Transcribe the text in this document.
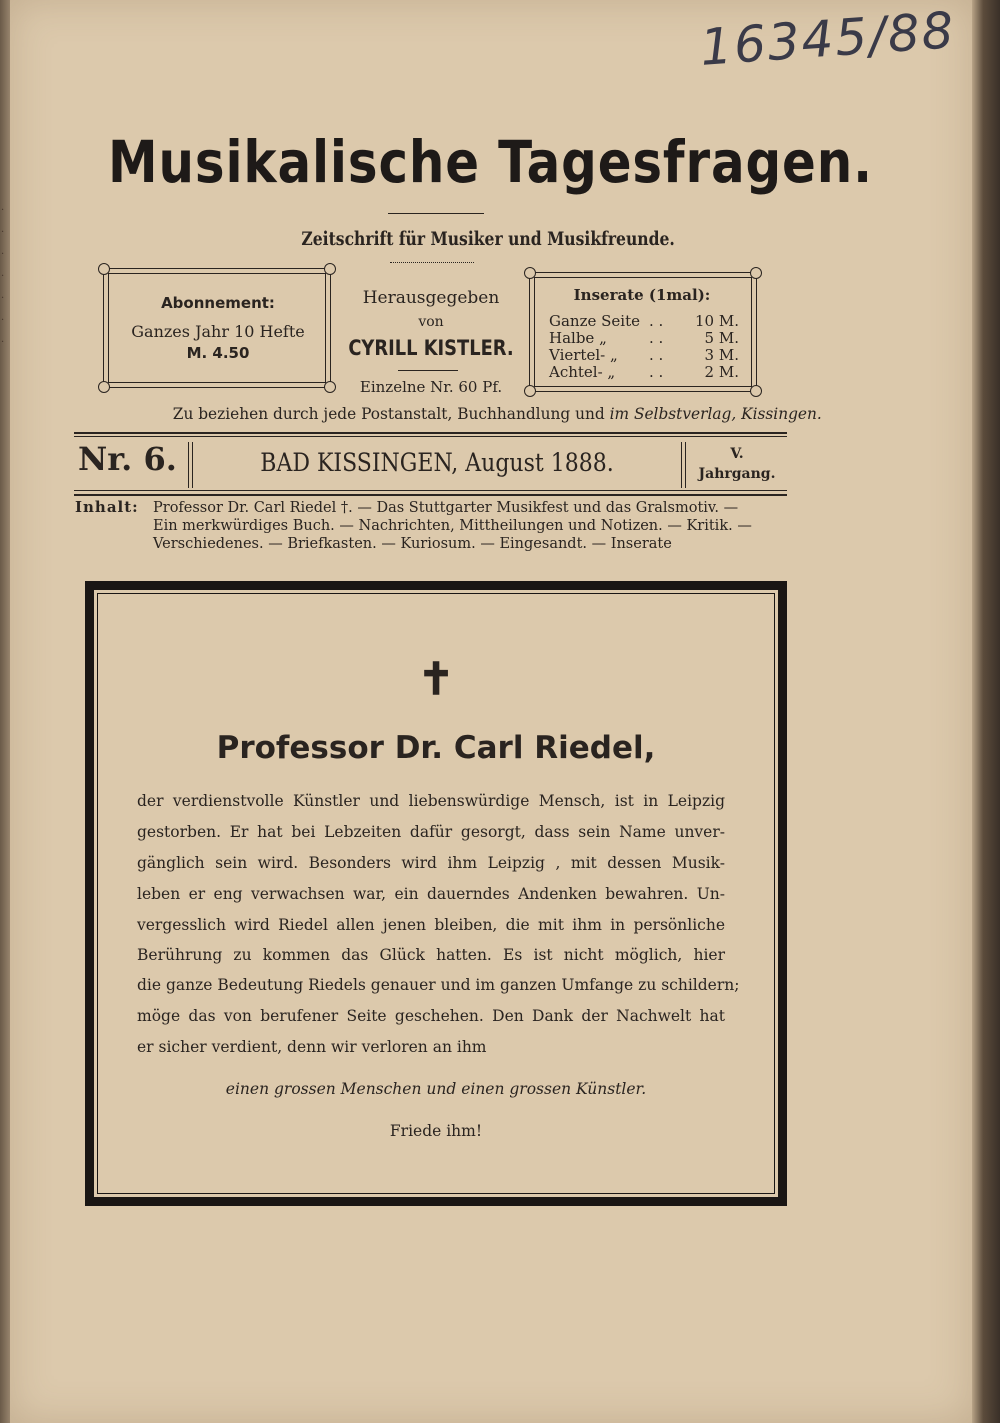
·
·
·
·
·
·
·
16345/88
Musikalische Tagesfragen.
Zeitschrift für Musiker und Musikfreunde.
Abonnement:
Ganzes Jahr 10 Hefte
M. 4.50
Herausgegeben
von
CYRILL KISTLER.
Einzelne Nr. 60 Pf.
Inserate (1mal):
Ganze Seite . . 10 M.
Halbe „	. .	5 M.
Viertel- „ . .	3 M.
Achtel- „ . .	2 M.
Zu beziehen durch jede Postanstalt, Buchhandlung und im Selbstverlag, Kissingen.
Nr. 6.	BAD KISSINGEN, August 1888.	V.
Jahrgang.
Inhalt: Professor Dr. Carl Riedel †. — Das Stuttgarter Musikfest und das Gralsmotiv. —
Ein merkwürdiges Buch. — Nachrichten, Mittheilungen und Notizen. — Kritik. —
Verschiedenes. — Briefkasten. — Kuriosum. — Eingesandt. — Inserate
✝
Professor Dr. Carl Riedel,
der verdienstvolle Künstler und liebenswürdige Mensch, ist in Leipzig
gestorben. Er hat bei Lebzeiten dafür gesorgt, dass sein Name unver-
gänglich sein wird. Besonders wird ihm Leipzig , mit dessen Musik-
leben er eng verwachsen war, ein dauerndes Andenken bewahren. Un-
vergesslich wird Riedel allen jenen bleiben, die mit ihm in persönliche
Berührung zu kommen das Glück hatten. Es ist nicht möglich, hier
die ganze Bedeutung Riedels genauer und im ganzen Umfange zu schildern;
möge das von berufener Seite geschehen. Den Dank der Nachwelt hat
er sicher verdient, denn wir verloren an ihm
einen grossen Menschen und einen grossen Künstler.
Friede ihm!
